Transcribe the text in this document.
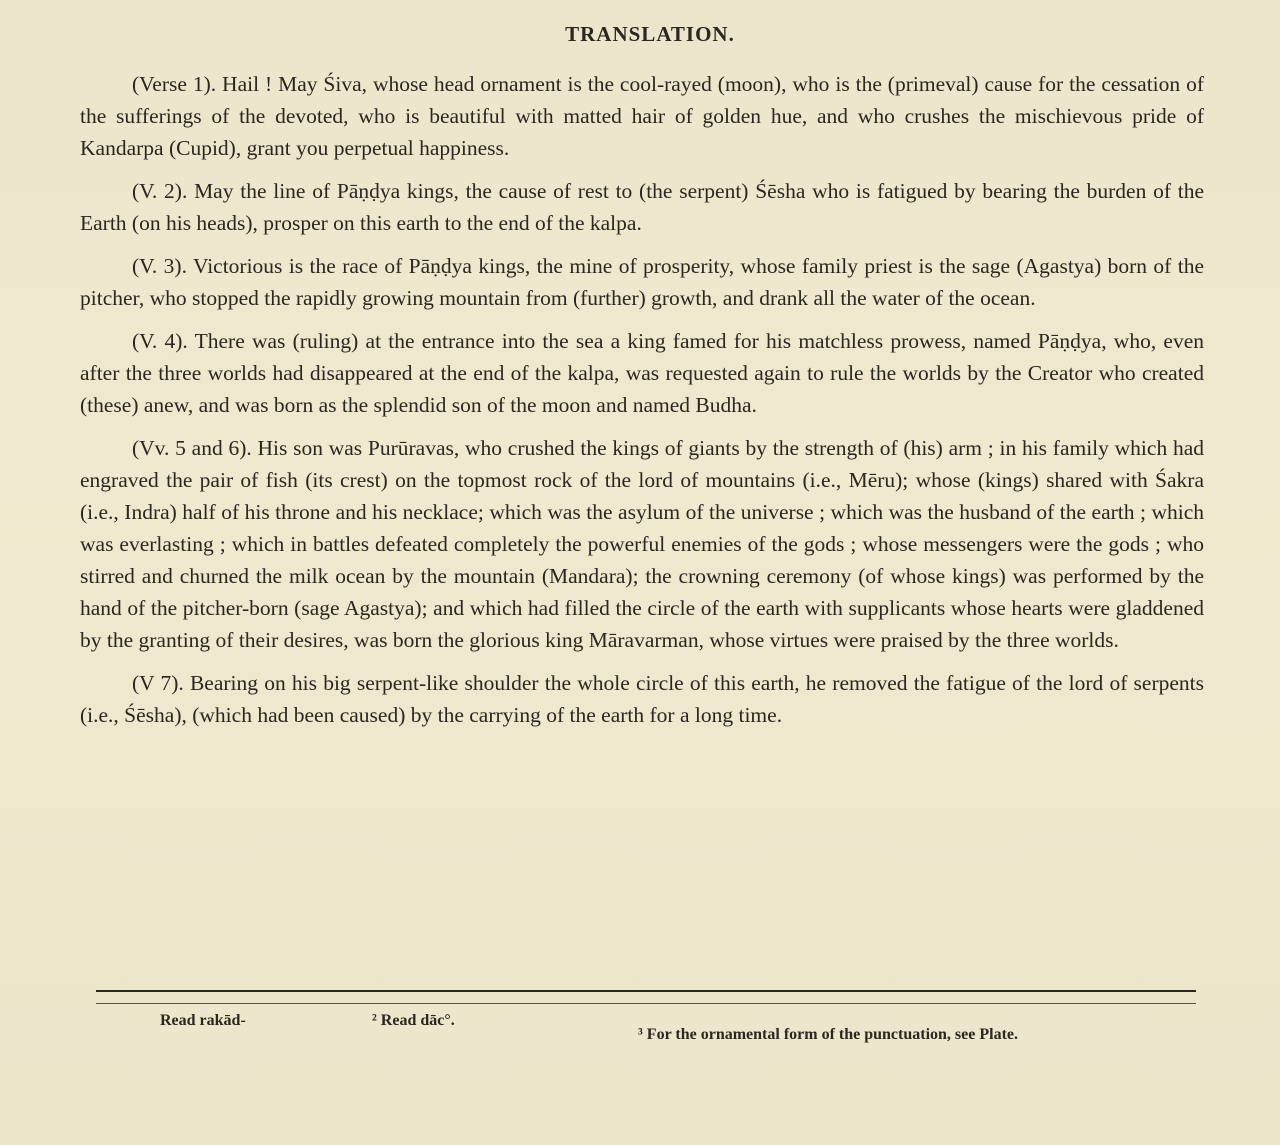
TRANSLATION.

(Verse 1). Hail ! May Śiva, whose head ornament is the cool-rayed (moon), who is the (primeval) cause for the cessation of the sufferings of the devoted, who is beautiful with matted hair of golden hue, and who crushes the mischievous pride of Kandarpa (Cupid), grant you perpetual happiness.

(V. 2). May the line of Pāṇḍya kings, the cause of rest to (the serpent) Śēsha who is fatigued by bearing the burden of the Earth (on his heads), prosper on this earth to the end of the kalpa.

(V. 3). Victorious is the race of Pāṇḍya kings, the mine of prosperity, whose family priest is the sage (Agastya) born of the pitcher, who stopped the rapidly growing mountain from (further) growth, and drank all the water of the ocean.

(V. 4). There was (ruling) at the entrance into the sea a king famed for his matchless prowess, named Pāṇḍya, who, even after the three worlds had disappeared at the end of the kalpa, was requested again to rule the worlds by the Creator who created (these) anew, and was born as the splendid son of the moon and named Budha.

(Vv. 5 and 6). His son was Purūravas, who crushed the kings of giants by the strength of (his) arm ; in his family which had engraved the pair of fish (its crest) on the topmost rock of the lord of mountains (i.e., Mēru); whose (kings) shared with Śakra (i.e., Indra) half of his throne and his necklace; which was the asylum of the universe ; which was the husband of the earth ; which was everlasting ; which in battles defeated completely the powerful enemies of the gods ; whose messengers were the gods ; who stirred and churned the milk ocean by the mountain (Mandara); the crowning ceremony (of whose kings) was performed by the hand of the pitcher-born (sage Agastya); and which had filled the circle of the earth with supplicants whose hearts were gladdened by the granting of their desires, was born the glorious king Māravarman, whose virtues were praised by the three worlds.

(V 7). Bearing on his big serpent-like shoulder the whole circle of this earth, he removed the fatigue of the lord of serpents (i.e., Śēsha), (which had been caused) by the carrying of the earth for a long time.

Read rakād-	² Read dāc°.
³ For the ornamental form of the punctuation, see Plate.
